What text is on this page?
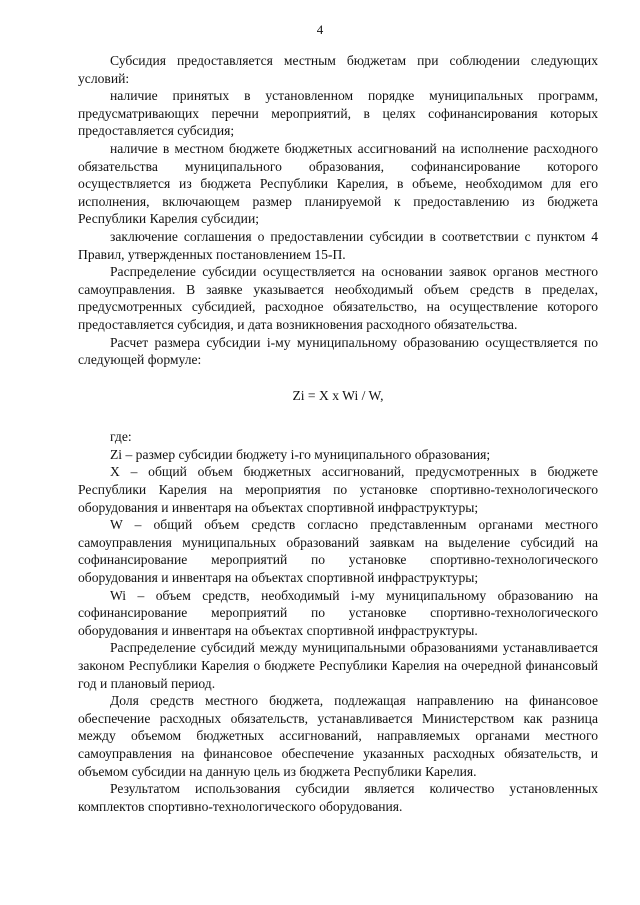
4

Субсидия предоставляется местным бюджетам при соблюдении следующих условий:

наличие принятых в установленном порядке муниципальных программ, предусматривающих перечни мероприятий, в целях софинансирования которых предоставляется субсидия;

наличие в местном бюджете бюджетных ассигнований на исполнение расходного обязательства муниципального образования, софинансирование которого осуществляется из бюджета Республики Карелия, в объеме, необходимом для его исполнения, включающем размер планируемой к предоставлению из бюджета Республики Карелия субсидии;

заключение соглашения о предоставлении субсидии в соответствии с пунктом 4 Правил, утвержденных постановлением 15-П.

Распределение субсидии осуществляется на основании заявок органов местного самоуправления. В заявке указывается необходимый объем средств в пределах, предусмотренных субсидией, расходное обязательство, на осуществление которого предоставляется субсидия, и дата возникновения расходного обязательства.

Расчет размера субсидии i-му муниципальному образованию осуществляется по следующей формуле:

Zi = X x Wi / W,

где:

Zi – размер субсидии бюджету i-го муниципального образования;

X – общий объем бюджетных ассигнований, предусмотренных в бюджете Республики Карелия на мероприятия по установке спортивно-технологического оборудования и инвентаря на объектах спортивной инфраструктуры;

W – общий объем средств согласно представленным органами местного самоуправления муниципальных образований заявкам на выделение субсидий на софинансирование мероприятий по установке спортивно-технологического оборудования и инвентаря на объектах спортивной инфраструктуры;

Wi – объем средств, необходимый i-му муниципальному образованию на софинансирование мероприятий по установке спортивно-технологического оборудования и инвентаря на объектах спортивной инфраструктуры.

Распределение субсидий между муниципальными образованиями устанавливается законом Республики Карелия о бюджете Республики Карелия на очередной финансовый год и плановый период.

Доля средств местного бюджета, подлежащая направлению на финансовое обеспечение расходных обязательств, устанавливается Министерством как разница между объемом бюджетных ассигнований, направляемых органами местного самоуправления на финансовое обеспечение указанных расходных обязательств, и объемом субсидии на данную цель из бюджета Республики Карелия.

Результатом использования субсидии является количество установленных комплектов спортивно-технологического оборудования.
